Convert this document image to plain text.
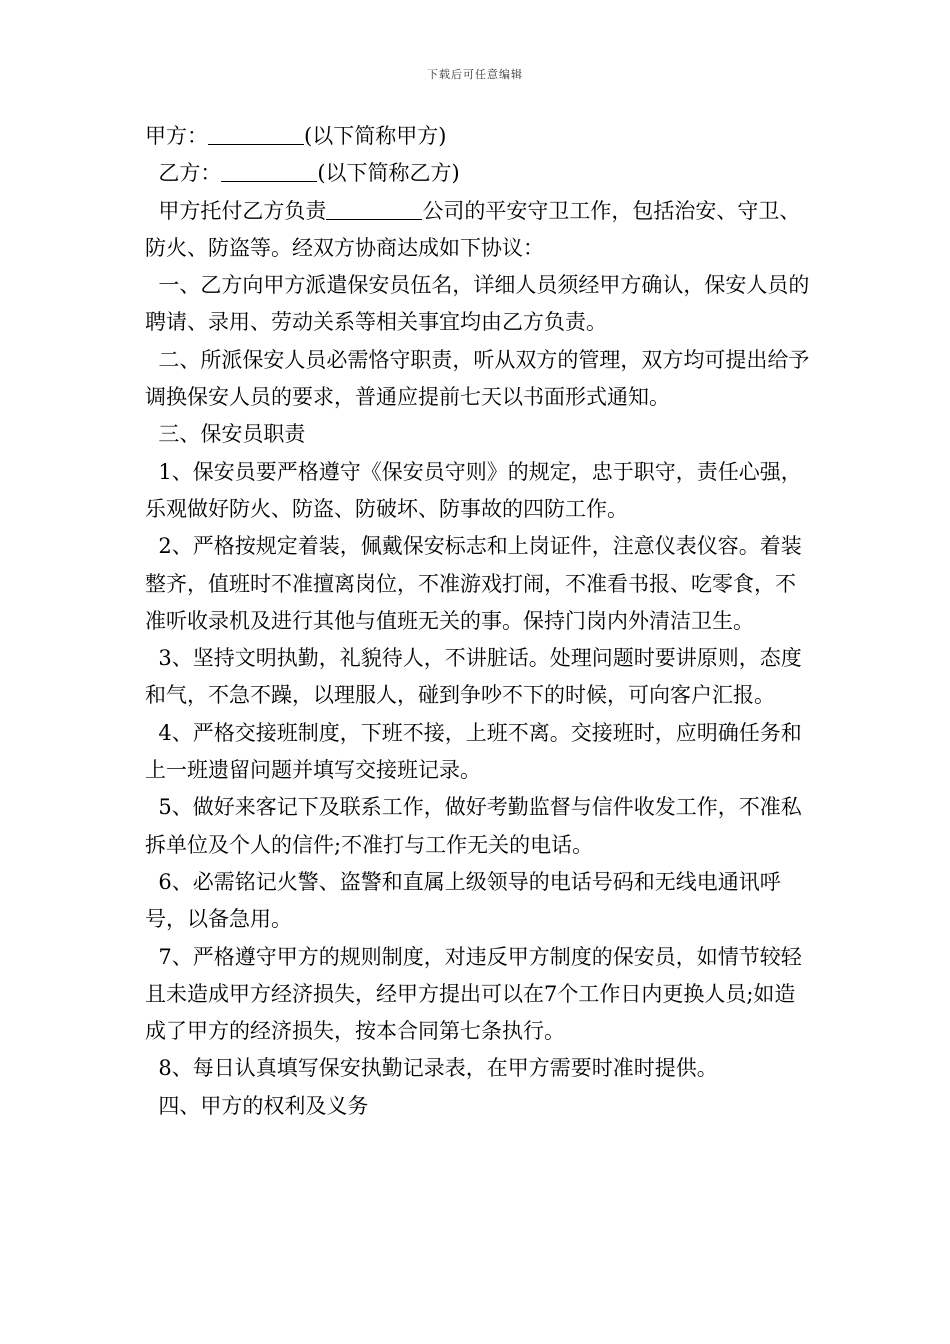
下载后可任意编辑

甲方：	(以下简称甲方)

乙方：	(以下简称乙方)

甲方托付乙方负责	公司的平安守卫工作，包括治安、守卫、防火、防盗等。经双方协商达成如下协议：

一、乙方向甲方派遣保安员伍名，详细人员须经甲方确认，保安人员的聘请、录用、劳动关系等相关事宜均由乙方负责。

二、所派保安人员必需恪守职责，听从双方的管理，双方均可提出给予调换保安人员的要求，普通应提前七天以书面形式通知。

三、保安员职责

1、保安员要严格遵守《保安员守则》的规定，忠于职守，责任心强，乐观做好防火、防盗、防破坏、防事故的四防工作。

2、严格按规定着装，佩戴保安标志和上岗证件，注意仪表仪容。着装整齐，值班时不准擅离岗位，不准游戏打闹，不准看书报、吃零食，不准听收录机及进行其他与值班无关的事。保持门岗内外清洁卫生。

3、坚持文明执勤，礼貌待人，不讲脏话。处理问题时要讲原则，态度和气，不急不躁，以理服人，碰到争吵不下的时候，可向客户汇报。

4、严格交接班制度，下班不接，上班不离。交接班时，应明确任务和上一班遗留问题并填写交接班记录。

5、做好来客记下及联系工作，做好考勤监督与信件收发工作，不准私拆单位及个人的信件;不准打与工作无关的电话。

6、必需铭记火警、盗警和直属上级领导的电话号码和无线电通讯呼号，以备急用。

7、严格遵守甲方的规则制度，对违反甲方制度的保安员，如情节较轻且未造成甲方经济损失，经甲方提出可以在7个工作日内更换人员;如造成了甲方的经济损失，按本合同第七条执行。

8、每日认真填写保安执勤记录表，在甲方需要时准时提供。

四、甲方的权利及义务
